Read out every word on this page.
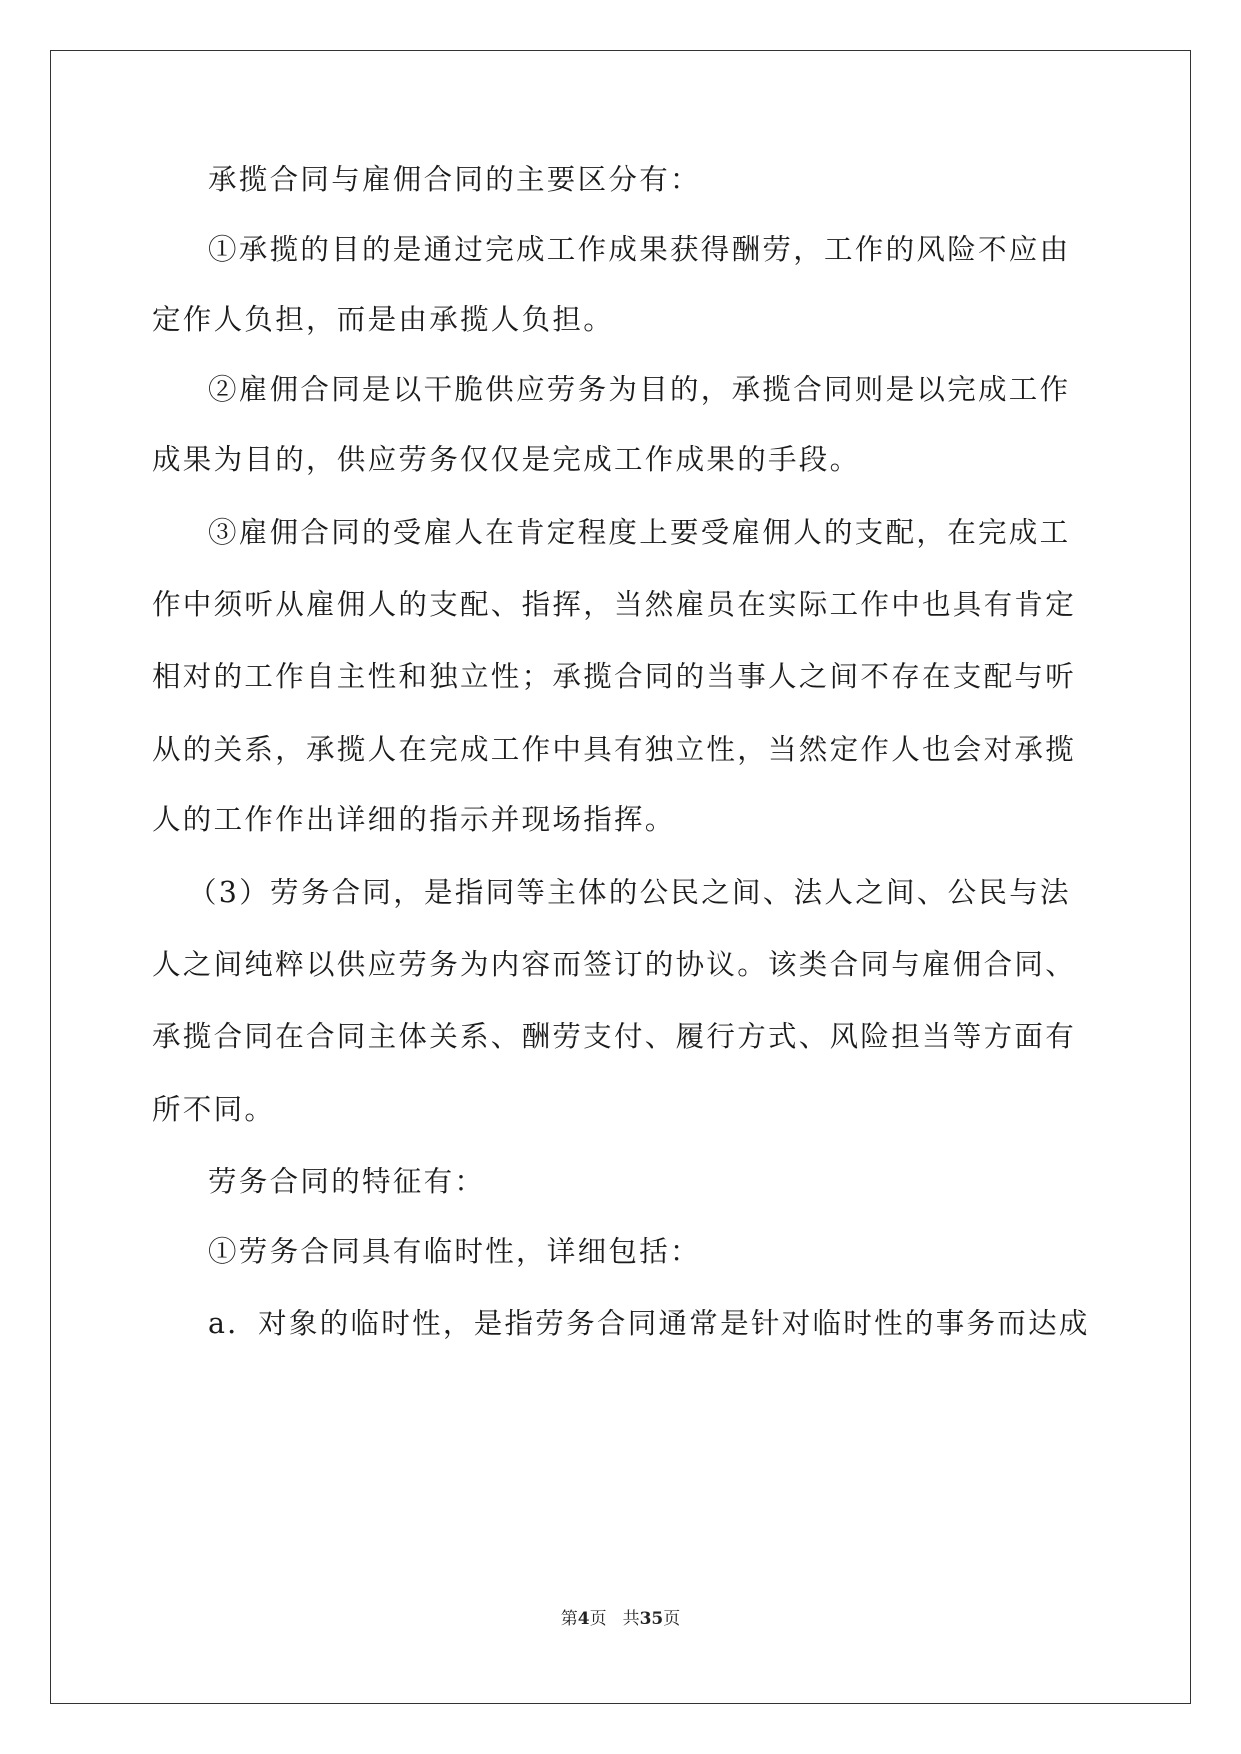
承揽合同与雇佣合同的主要区分有：
①承揽的目的是通过完成工作成果获得酬劳，工作的风险不应由
定作人负担，而是由承揽人负担。
②雇佣合同是以干脆供应劳务为目的，承揽合同则是以完成工作
成果为目的，供应劳务仅仅是完成工作成果的手段。
③雇佣合同的受雇人在肯定程度上要受雇佣人的支配，在完成工
作中须听从雇佣人的支配、指挥，当然雇员在实际工作中也具有肯定
相对的工作自主性和独立性；承揽合同的当事人之间不存在支配与听
从的关系，承揽人在完成工作中具有独立性，当然定作人也会对承揽
人的工作作出详细的指示并现场指挥。
（3）劳务合同，是指同等主体的公民之间、法人之间、公民与法
人之间纯粹以供应劳务为内容而签订的协议。该类合同与雇佣合同、
承揽合同在合同主体关系、酬劳支付、履行方式、风险担当等方面有
所不同。
劳务合同的特征有：
①劳务合同具有临时性，详细包括：
a．对象的临时性，是指劳务合同通常是针对临时性的事务而达成
第4页 共35页
